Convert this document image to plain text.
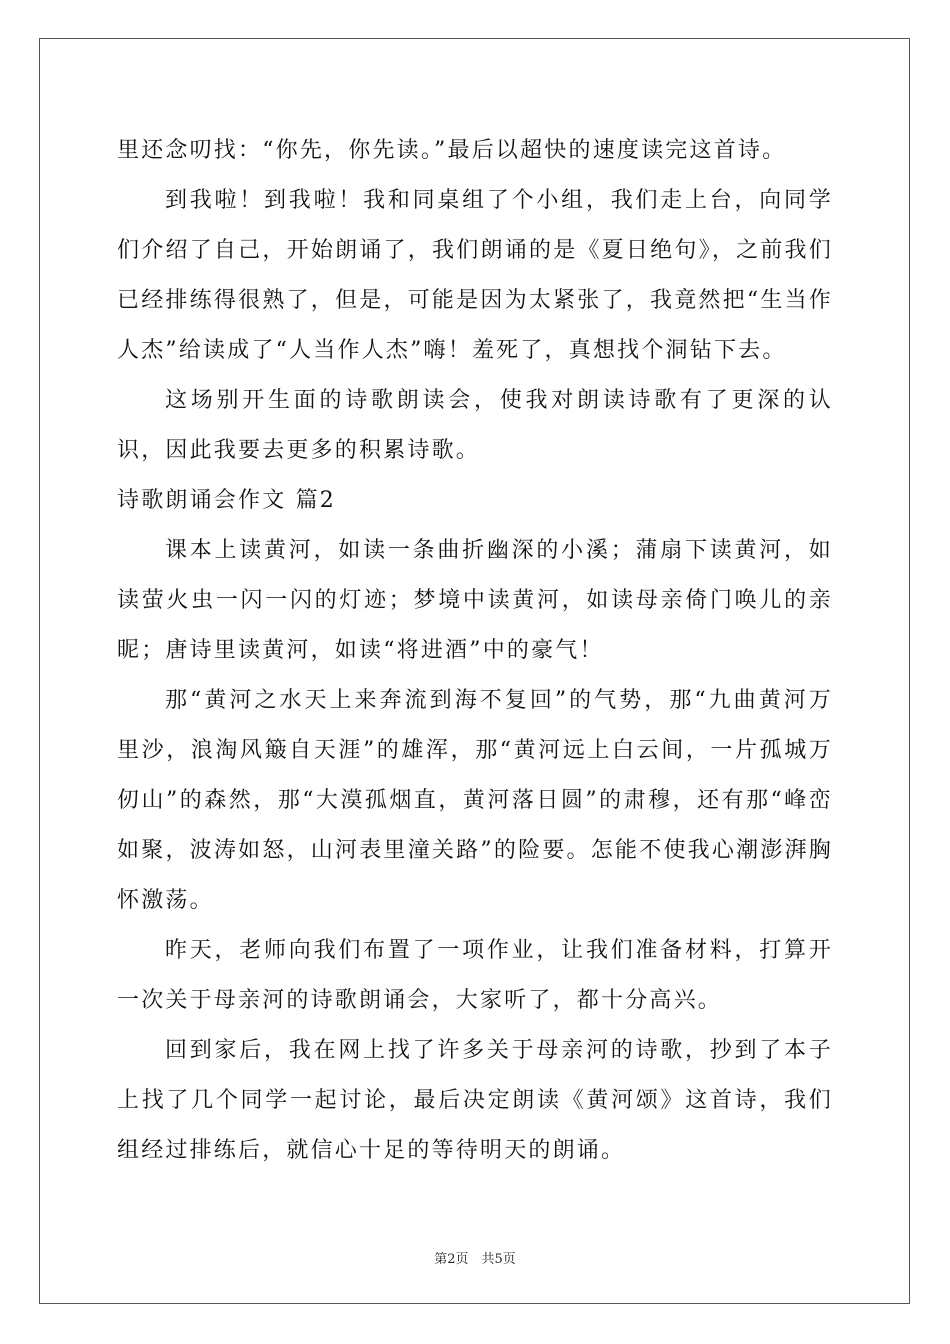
里还念叨找：“你先，你先读。”最后以超快的速度读完这首诗。

到我啦！到我啦！我和同桌组了个小组，我们走上台，向同学们介绍了自己，开始朗诵了，我们朗诵的是《夏日绝句》，之前我们已经排练得很熟了，但是，可能是因为太紧张了，我竟然把“生当作人杰”给读成了“人当作人杰”嗨！羞死了，真想找个洞钻下去。

这场别开生面的诗歌朗读会，使我对朗读诗歌有了更深的认识，因此我要去更多的积累诗歌。

诗歌朗诵会作文 篇2

课本上读黄河，如读一条曲折幽深的小溪；蒲扇下读黄河，如读萤火虫一闪一闪的灯迹；梦境中读黄河，如读母亲倚门唤儿的亲昵；唐诗里读黄河，如读“将进酒”中的豪气！

那“黄河之水天上来奔流到海不复回”的气势，那“九曲黄河万里沙，浪淘风簸自天涯”的雄浑，那“黄河远上白云间，一片孤城万仞山”的森然，那“大漠孤烟直，黄河落日圆”的肃穆，还有那“峰峦如聚，波涛如怒，山河表里潼关路”的险要。怎能不使我心潮澎湃胸怀激荡。

昨天，老师向我们布置了一项作业，让我们准备材料，打算开一次关于母亲河的诗歌朗诵会，大家听了，都十分高兴。

回到家后，我在网上找了许多关于母亲河的诗歌，抄到了本子上找了几个同学一起讨论，最后决定朗读《黄河颂》这首诗，我们组经过排练后，就信心十足的等待明天的朗诵。

第2页　共5页
